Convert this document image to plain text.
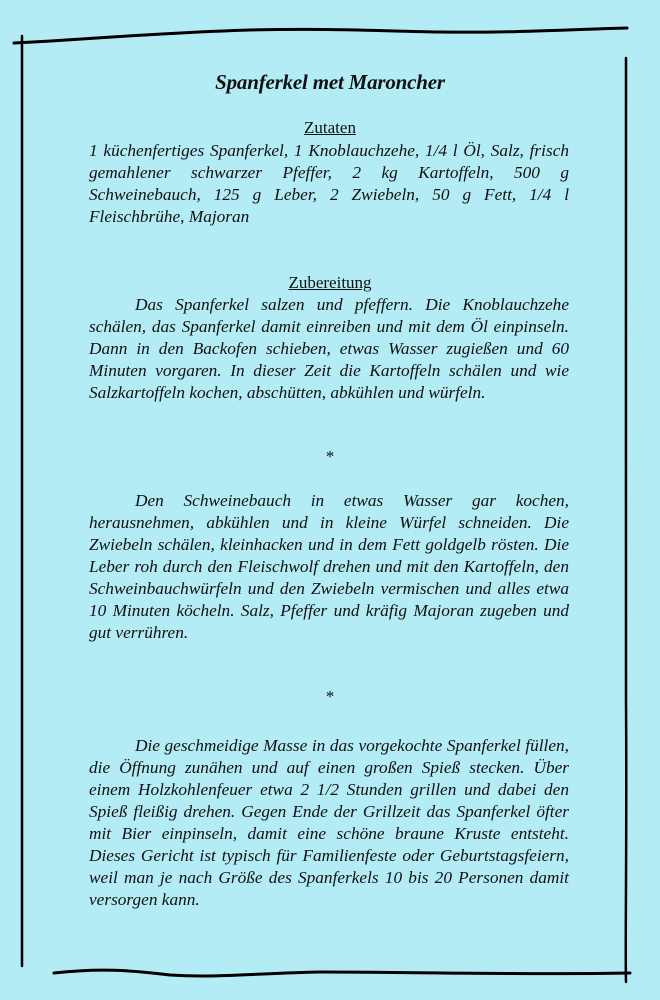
Spanferkel met Maroncher
Zutaten
1 küchenfertiges Spanferkel, 1 Knoblauchzehe, 1/4 l Öl, Salz, frisch gemahlener schwarzer Pfeffer, 2 kg Kartoffeln, 500 g Schweinebauch, 125 g Leber, 2 Zwiebeln, 50 g Fett, 1/4 l Fleischbrühe, Majoran
Zubereitung
Das Spanferkel salzen und pfeffern. Die Knoblauchzehe schälen, das Spanferkel damit einreiben und mit dem Öl einpinseln. Dann in den Backofen schieben, etwas Wasser zugießen und 60 Minuten vorgaren. In dieser Zeit die Kartoffeln schälen und wie Salzkartoffeln kochen, abschütten, abkühlen und würfeln.
*
Den Schweinebauch in etwas Wasser gar kochen, herausnehmen, abkühlen und in kleine Würfel schneiden. Die Zwiebeln schälen, kleinhacken und in dem Fett goldgelb rösten. Die Leber roh durch den Fleischwolf drehen und mit den Kartoffeln, den Schweinbauchwürfeln und den Zwiebeln vermischen und alles etwa 10 Minuten köcheln. Salz, Pfeffer und kräfig Majoran zugeben und gut verrühren.
*
Die geschmeidige Masse in das vorgekochte Spanferkel füllen, die Öffnung zunähen und auf einen großen Spieß stecken. Über einem Holzkohlenfeuer etwa 2 1/2 Stunden grillen und dabei den Spieß fleißig drehen. Gegen Ende der Grillzeit das Spanferkel öfter mit Bier einpinseln, damit eine schöne braune Kruste entsteht. Dieses Gericht ist typisch für Familienfeste oder Geburtstagsfeiern, weil man je nach Größe des Spanferkels 10 bis 20 Personen damit versorgen kann.
